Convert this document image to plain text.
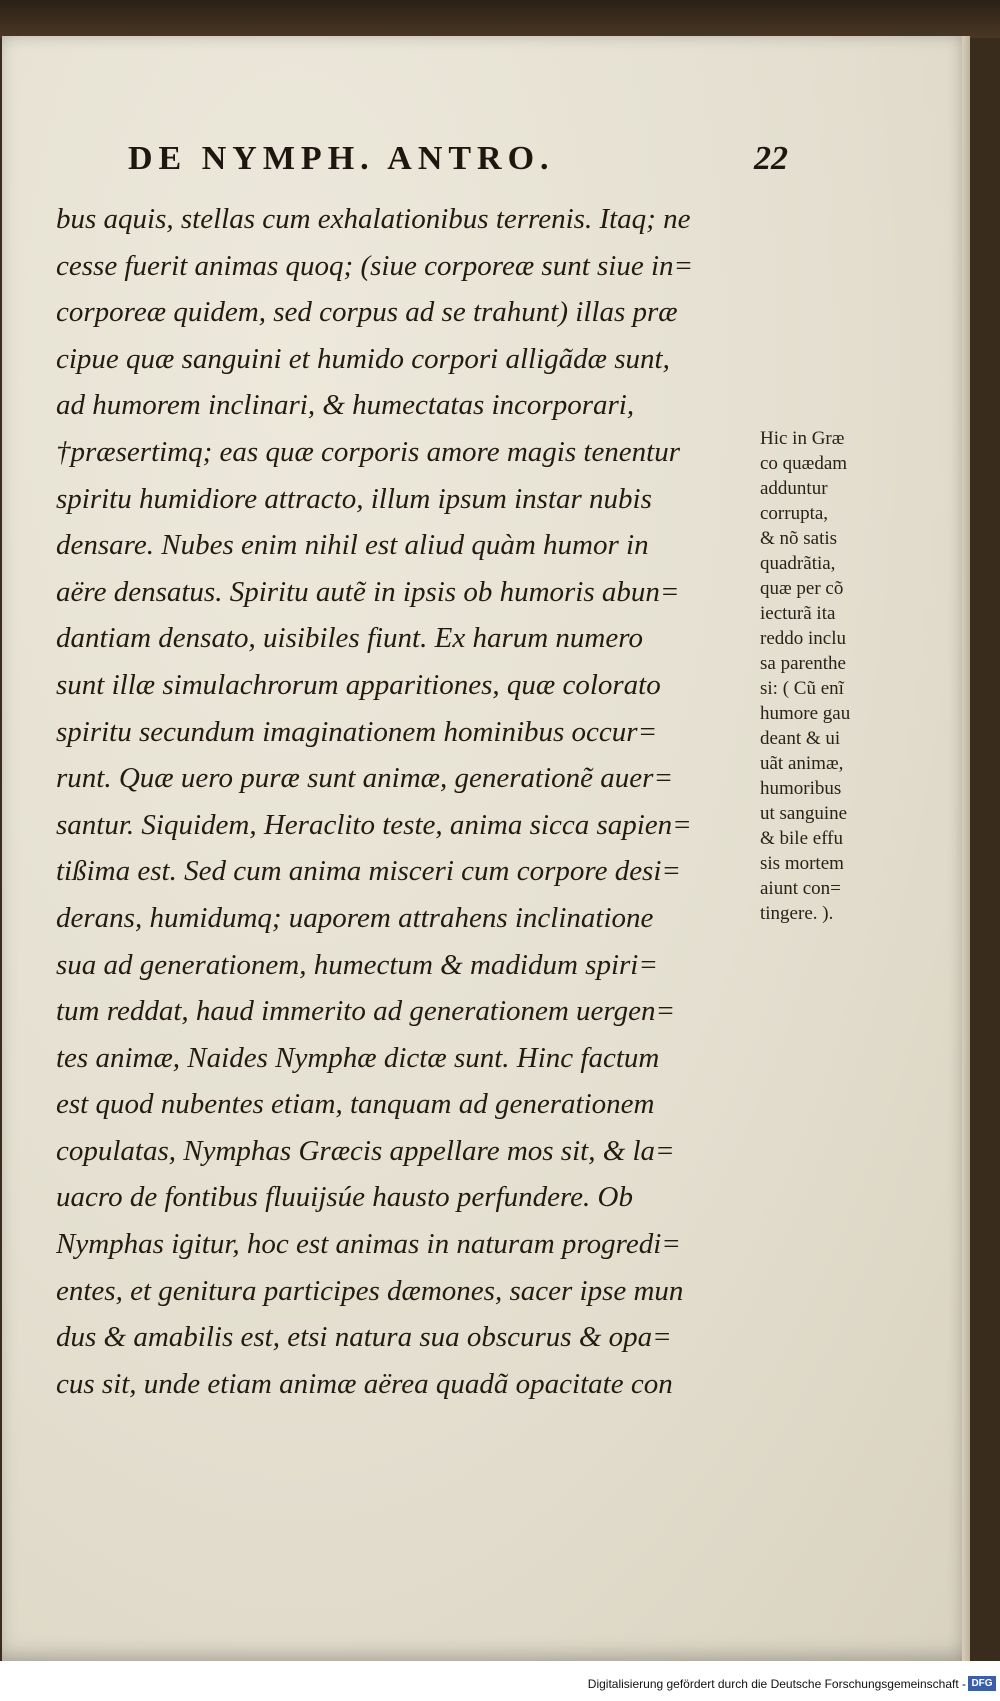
DE NYMPH. ANTRO.	22
bus aquis, stellas cum exhalationibus terrenis. Itaq; ne
cesse fuerit animas quoq; (siue corporeæ sunt siue in=
corporeæ quidem, sed corpus ad se trahunt) illas præ
cipue quæ sanguini et humido corpori alligãdæ sunt,
ad humorem inclinari, & humectatas incorporari,
†præsertimq; eas quæ corporis amore magis tenentur
spiritu humidiore attracto, illum ipsum instar nubis
densare. Nubes enim nihil est aliud quàm humor in
aëre densatus. Spiritu autẽ in ipsis ob humoris abun=
dantiam densato, uisibiles fiunt. Ex harum numero
sunt illæ simulachrorum apparitiones, quæ colorato
spiritu secundum imaginationem hominibus occur=
runt. Quæ uero puræ sunt animæ, generationẽ auer=
santur. Siquidem, Heraclito teste, anima sicca sapien=
tißima est. Sed cum anima misceri cum corpore desi=
derans, humidumq; uaporem attrahens inclinatione
sua ad generationem, humectum & madidum spiri=
tum reddat, haud immerito ad generationem uergen=
tes animæ, Naides Nymphæ dictæ sunt. Hinc factum
est quod nubentes etiam, tanquam ad generationem
copulatas, Nymphas Græcis appellare mos sit, & la=
uacro de fontibus fluuijsúe hausto perfundere. Ob
Nymphas igitur, hoc est animas in naturam progredi=
entes, et genitura participes dæmones, sacer ipse mun
dus & amabilis est, etsi natura sua obscurus & opa=
cus sit, unde etiam animæ aërea quadã opacitate con
Hic in Græ
co quædam
adduntur
corrupta,
& nõ satis
quadrãtia,
quæ per cõ
iecturã ita
reddo inclu
sa parenthe
si: ( Cũ enĩ
humore gau
deant & ui
uãt animæ,
humoribus
ut sanguine
& bile effu
sis mortem
aiunt con=
tingere. ).
Digitalisierung gefördert durch die Deutsche Forschungsgemeinschaft - DFG
